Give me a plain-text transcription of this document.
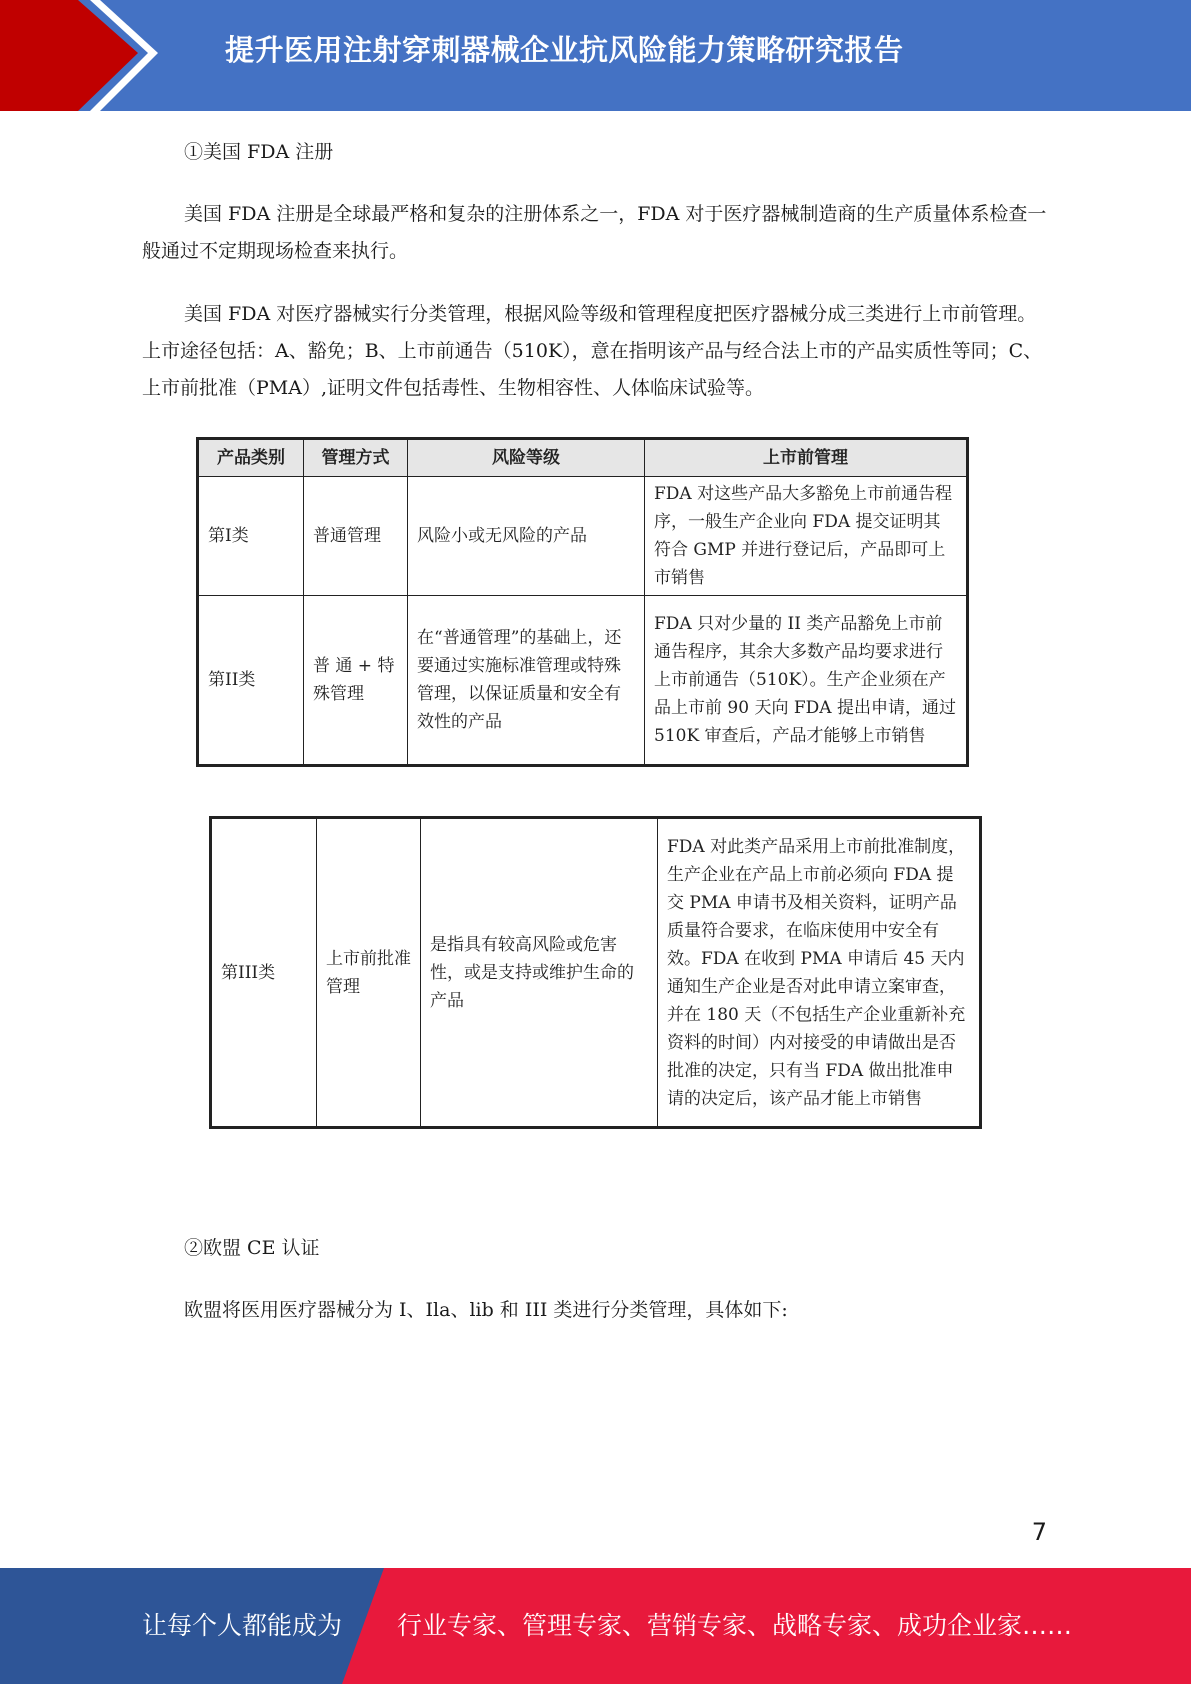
提升医用注射穿刺器械企业抗风险能力策略研究报告

①美国 FDA 注册

美国 FDA 注册是全球最严格和复杂的注册体系之一，FDA 对于医疗器械制造商的生产质量体系检查一般通过不定期现场检查来执行。

美国 FDA 对医疗器械实行分类管理，根据风险等级和管理程度把医疗器械分成三类进行上市前管理。上市途径包括：A、豁免；B、上市前通告（510K），意在指明该产品与经合法上市的产品实质性等同；C、上市前批准（PMA）,证明文件包括毒性、生物相容性、人体临床试验等。

产品类别	管理方式	风险等级	上市前管理
第I类	普通管理	风险小或无风险的产品	FDA 对这些产品大多豁免上市前通告程序，一般生产企业向 FDA 提交证明其符合 GMP 并进行登记后，产品即可上市销售
第II类	普 通 + 特殊管理	在“普通管理”的基础上，还要通过实施标准管理或特殊管理，以保证质量和安全有效性的产品	FDA 只对少量的 II 类产品豁免上市前通告程序，其余大多数产品均要求进行上市前通告（510K）。生产企业须在产品上市前 90 天向 FDA 提出申请，通过 510K 审查后，产品才能够上市销售
第III类	上市前批准管理	是指具有较高风险或危害性，或是支持或维护生命的产品	FDA 对此类产品采用上市前批准制度，生产企业在产品上市前必须向 FDA 提交 PMA 申请书及相关资料，证明产品质量符合要求，在临床使用中安全有效。FDA 在收到 PMA 申请后 45 天内通知生产企业是否对此申请立案审查，并在 180 天（不包括生产企业重新补充资料的时间）内对接受的申请做出是否批准的决定，只有当 FDA 做出批准申请的决定后，该产品才能上市销售

②欧盟 CE 认证

欧盟将医用医疗器械分为 I、Ila、lib 和 III 类进行分类管理，具体如下:

7
让每个人都能成为 行业专家、管理专家、营销专家、战略专家、成功企业家……
